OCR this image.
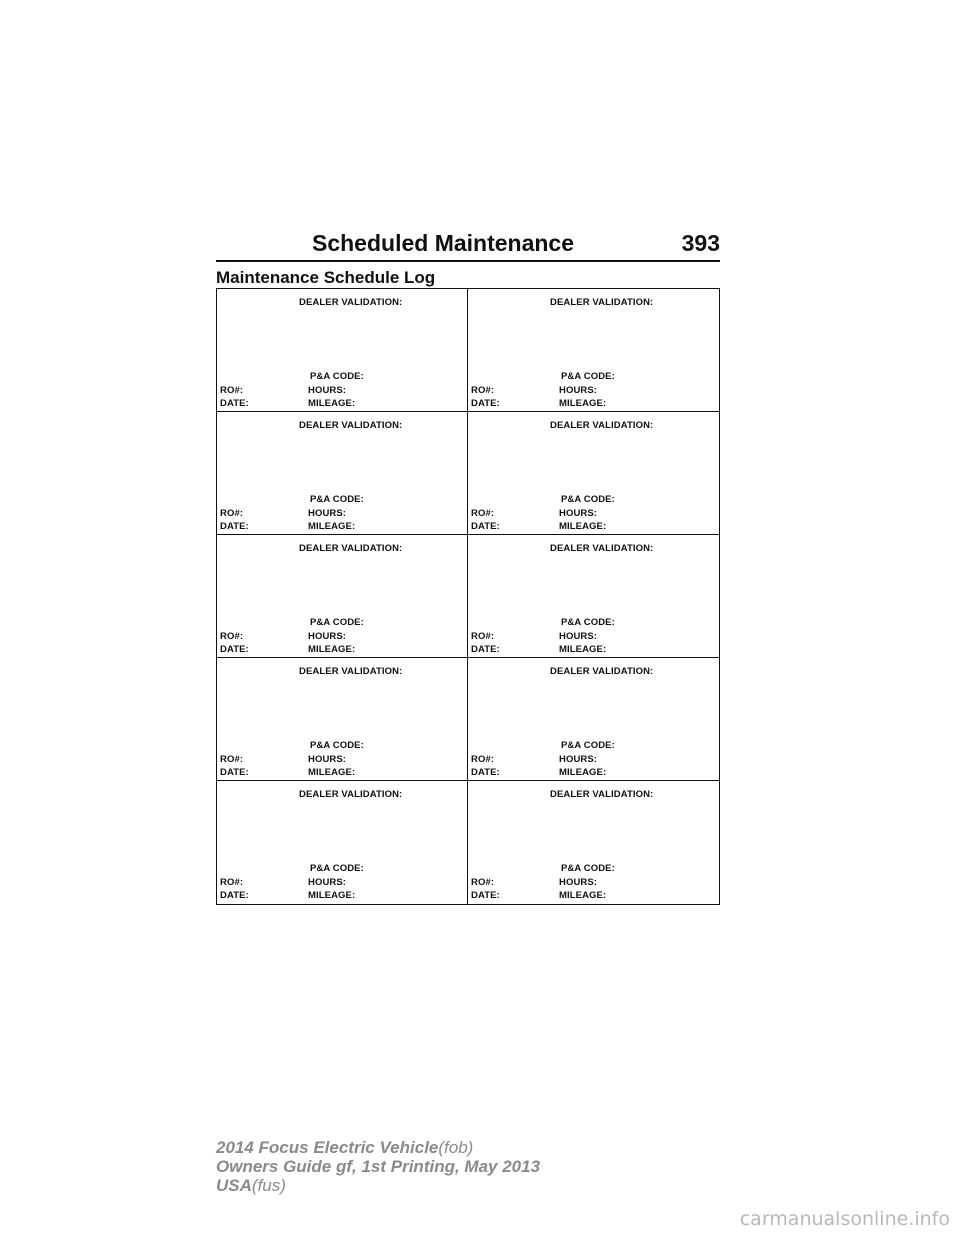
Scheduled Maintenance	393
Maintenance Schedule Log
DEALER VALIDATION:
P&A CODE:
RO#:	HOURS:
DATE:	MILEAGE:
DEALER VALIDATION:
P&A CODE:
RO#:	HOURS:
DATE:	MILEAGE:
DEALER VALIDATION:
P&A CODE:
RO#:	HOURS:
DATE:	MILEAGE:
DEALER VALIDATION:
P&A CODE:
RO#:	HOURS:
DATE:	MILEAGE:
DEALER VALIDATION:
P&A CODE:
RO#:	HOURS:
DATE:	MILEAGE:
DEALER VALIDATION:
P&A CODE:
RO#:	HOURS:
DATE:	MILEAGE:
DEALER VALIDATION:
P&A CODE:
RO#:	HOURS:
DATE:	MILEAGE:
DEALER VALIDATION:
P&A CODE:
RO#:	HOURS:
DATE:	MILEAGE:
DEALER VALIDATION:
P&A CODE:
RO#:	HOURS:
DATE:	MILEAGE:
DEALER VALIDATION:
P&A CODE:
RO#:	HOURS:
DATE:	MILEAGE:
2014 Focus Electric Vehicle(fob)
Owners Guide gf, 1st Printing, May 2013
USA(fus)
carmanualsonline.info
